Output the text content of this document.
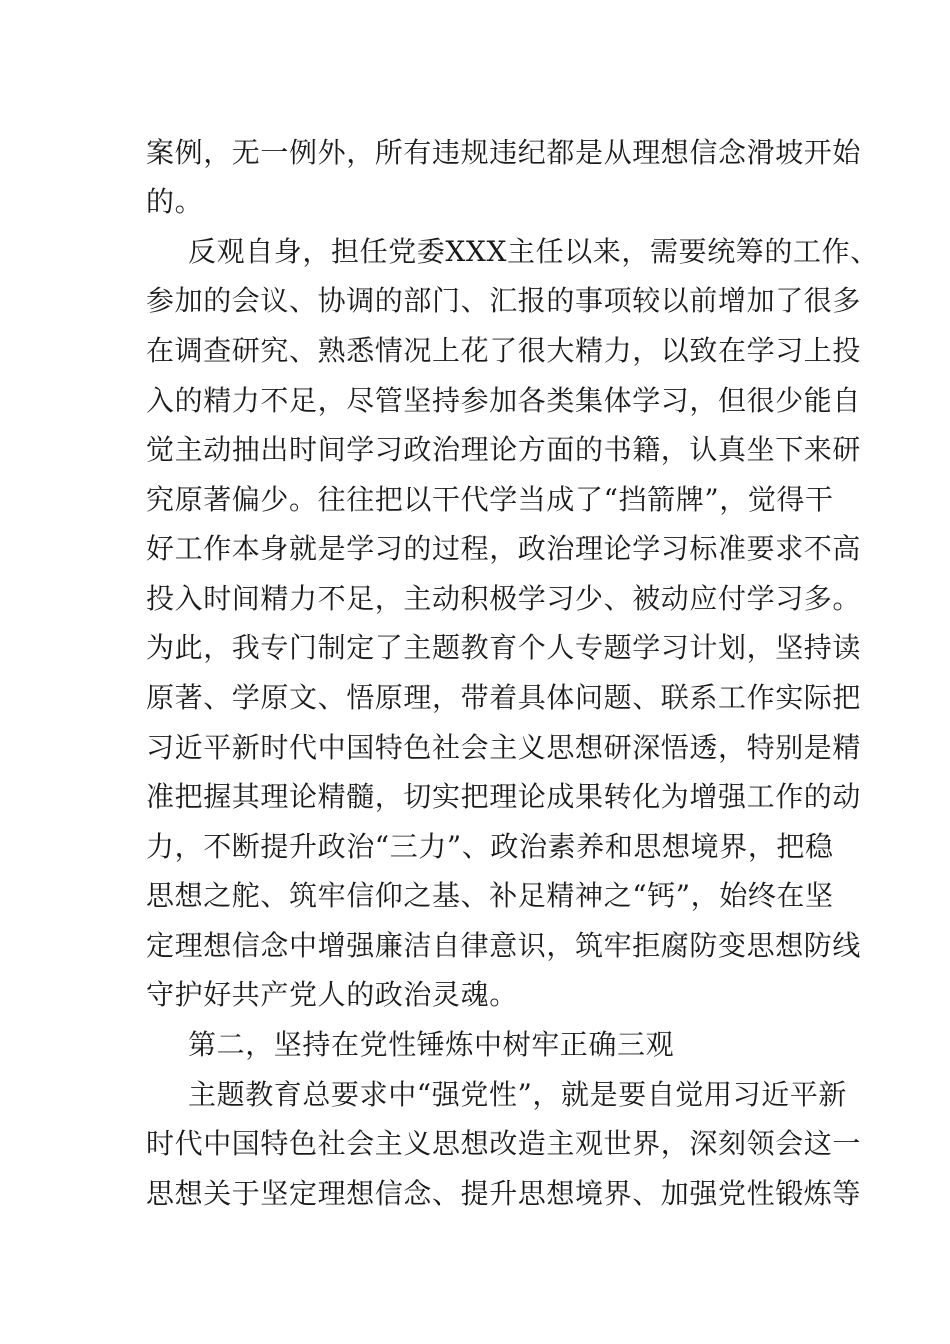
案例，无一例外，所有违规违纪都是从理想信念滑坡开始
的。
反观自身，担任党委XXX主任以来，需要统筹的工作、
参加的会议、协调的部门、汇报的事项较以前增加了很多
在调查研究、熟悉情况上花了很大精力，以致在学习上投
入的精力不足，尽管坚持参加各类集体学习，但很少能自
觉主动抽出时间学习政治理论方面的书籍，认真坐下来研
究原著偏少。往往把以干代学当成了“挡箭牌”，觉得干
好工作本身就是学习的过程，政治理论学习标准要求不高
投入时间精力不足，主动积极学习少、被动应付学习多。
为此，我专门制定了主题教育个人专题学习计划，坚持读
原著、学原文、悟原理，带着具体问题、联系工作实际把
习近平新时代中国特色社会主义思想研深悟透，特别是精
准把握其理论精髓，切实把理论成果转化为增强工作的动
力，不断提升政治“三力”、政治素养和思想境界，把稳
思想之舵、筑牢信仰之基、补足精神之“钙”，始终在坚
定理想信念中增强廉洁自律意识，筑牢拒腐防变思想防线
守护好共产党人的政治灵魂。
第二，坚持在党性锤炼中树牢正确三观
主题教育总要求中“强党性”，就是要自觉用习近平新
时代中国特色社会主义思想改造主观世界，深刻领会这一
思想关于坚定理想信念、提升思想境界、加强党性锻炼等
